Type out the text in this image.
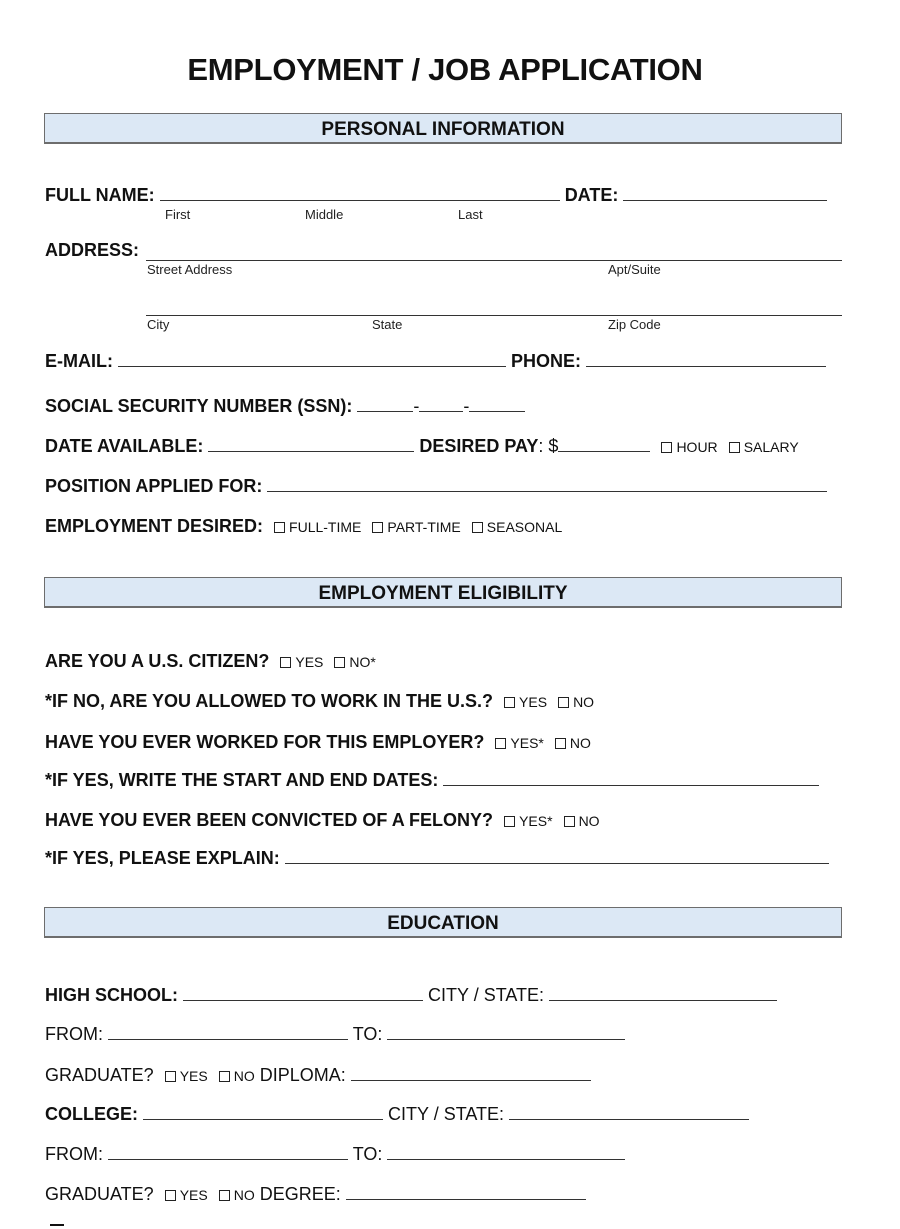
EMPLOYMENT / JOB APPLICATION
PERSONAL INFORMATION
FULL NAME:	DATE:
First	Middle	Last
ADDRESS:
Street Address	Apt/Suite
City	State	Zip Code
E-MAIL:	PHONE:
SOCIAL SECURITY NUMBER (SSN):	- -
DATE AVAILABLE:	DESIRED PAY: $	HOUR SALARY
POSITION APPLIED FOR:
EMPLOYMENT DESIRED: FULL-TIME PART-TIME SEASONAL
EMPLOYMENT ELIGIBILITY
ARE YOU A U.S. CITIZEN? YES NO*
*IF NO, ARE YOU ALLOWED TO WORK IN THE U.S.? YES NO
HAVE YOU EVER WORKED FOR THIS EMPLOYER? YES* NO
*IF YES, WRITE THE START AND END DATES:
HAVE YOU EVER BEEN CONVICTED OF A FELONY? YES* NO
*IF YES, PLEASE EXPLAIN:
EDUCATION
HIGH SCHOOL:	CITY / STATE:
FROM:	TO:
GRADUATE? YES NO DIPLOMA:
COLLEGE:	CITY / STATE:
FROM:	TO:
GRADUATE? YES NO DEGREE:
